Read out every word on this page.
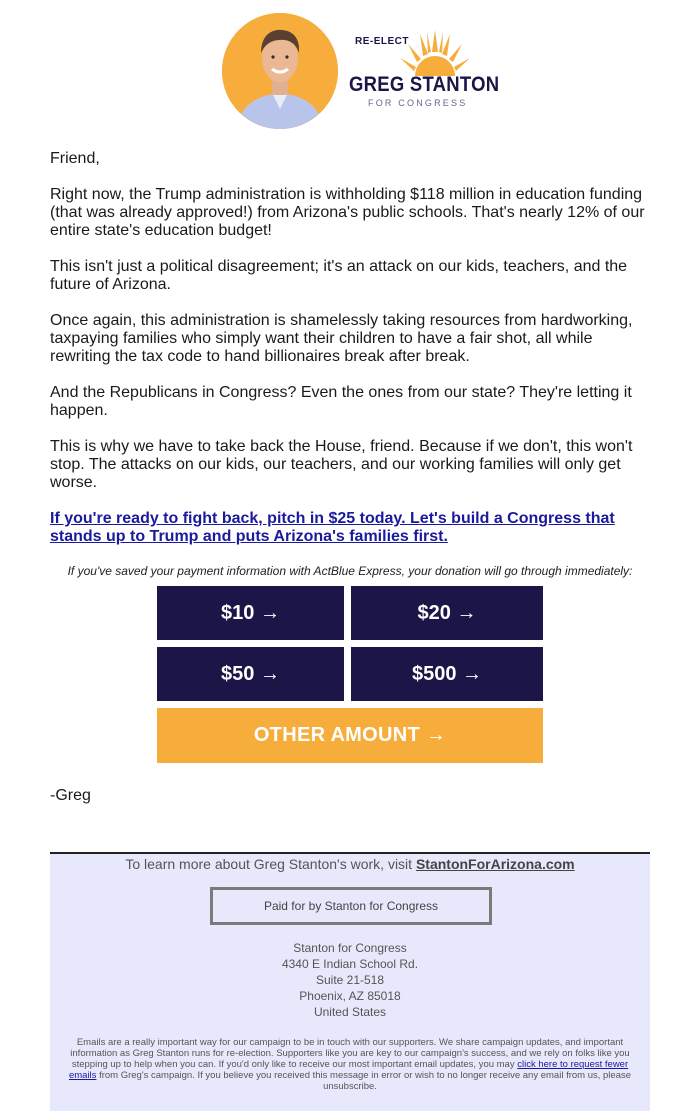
RE-ELECT
GREG STANTON
FOR CONGRESS

Friend,

Right now, the Trump administration is withholding $118 million in education funding (that was already approved!) from Arizona's public schools. That's nearly 12% of our entire state's education budget!

This isn't just a political disagreement; it's an attack on our kids, teachers, and the future of Arizona.

Once again, this administration is shamelessly taking resources from hardworking, taxpaying families who simply want their children to have a fair shot, all while rewriting the tax code to hand billionaires break after break.

And the Republicans in Congress? Even the ones from our state? They're letting it happen.

This is why we have to take back the House, friend. Because if we don't, this won't stop. The attacks on our kids, our teachers, and our working families will only get worse.

If you're ready to fight back, pitch in $25 today. Let's build a Congress that stands up to Trump and puts Arizona's families first.
If you've saved your payment information with ActBlue Express, your donation will go through immediately:
$10 →	$20 →
$50 →	$500 →
OTHER AMOUNT →
-Greg
To learn more about Greg Stanton's work, visit StantonForArizona.com
Paid for by Stanton for Congress
Stanton for Congress
4340 E Indian School Rd.
Suite 21-518
Phoenix, AZ 85018
United States
Emails are a really important way for our campaign to be in touch with our supporters. We share campaign updates, and important information as Greg Stanton runs for re-election. Supporters like you are key to our campaign's success, and we rely on folks like you stepping up to help when you can. If you'd only like to receive our most important email updates, you may click here to request fewer emails from Greg's campaign. If you believe you received this message in error or wish to no longer receive any email from us, please unsubscribe.
